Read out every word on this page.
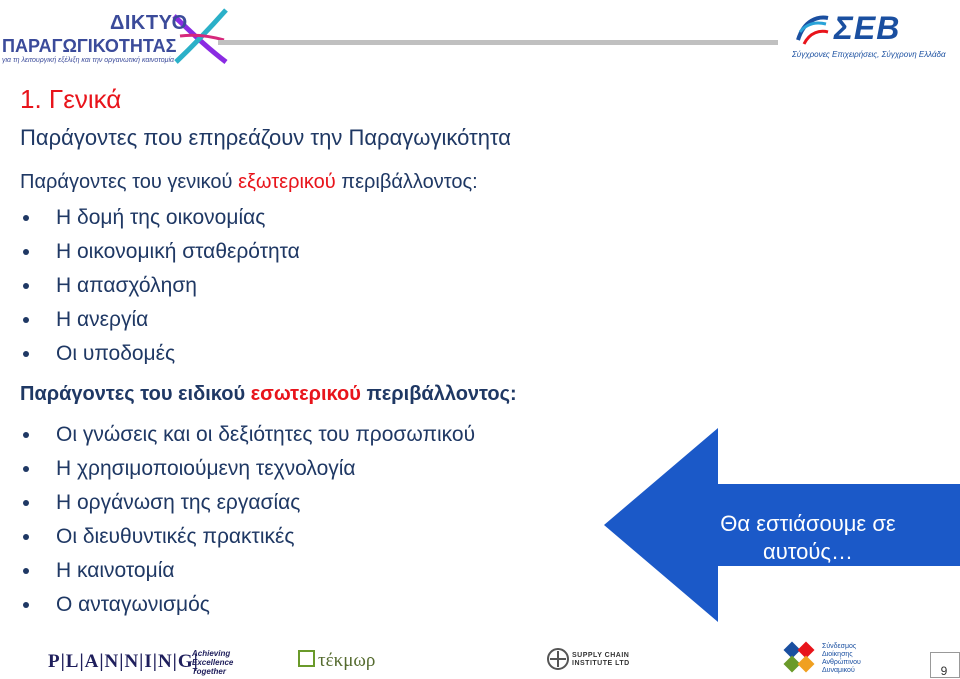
ΔΙΚΤΥΟ
ΠΑΡΑΓΩΓΙΚΟΤΗΤΑΣ
για τη λειτουργική εξέλιξη και την οργανωτική καινοτομία
ΣΕΒ
Σύγχρονες Επιχειρήσεις, Σύγχρονη Ελλάδα
1. Γενικά
Παράγοντες που επηρεάζουν την Παραγωγικότητα
Παράγοντες του γενικού εξωτερικού περιβάλλοντος:
Η δομή της οικονομίας
Η οικονομική σταθερότητα
Η απασχόληση
Η ανεργία
Οι υποδομές
Παράγοντες του ειδικού εσωτερικού περιβάλλοντος:
Οι γνώσεις και οι δεξιότητες του προσωπικού
Η χρησιμοποιούμενη τεχνολογία
Η οργάνωση της εργασίας
Οι διευθυντικές πρακτικές
Η καινοτομία
Ο ανταγωνισμός
Θα εστιάσουμε σε
αυτούς…
P|L|A|N|N|I|N|G|
Achieving
Excellence
Together
τέκμωρ	SUPPLY CHAIN
INSTITUTE LTD
Σύνδεσμος
Διοίκησης
Ανθρώπινου
Δυναμικού	9
